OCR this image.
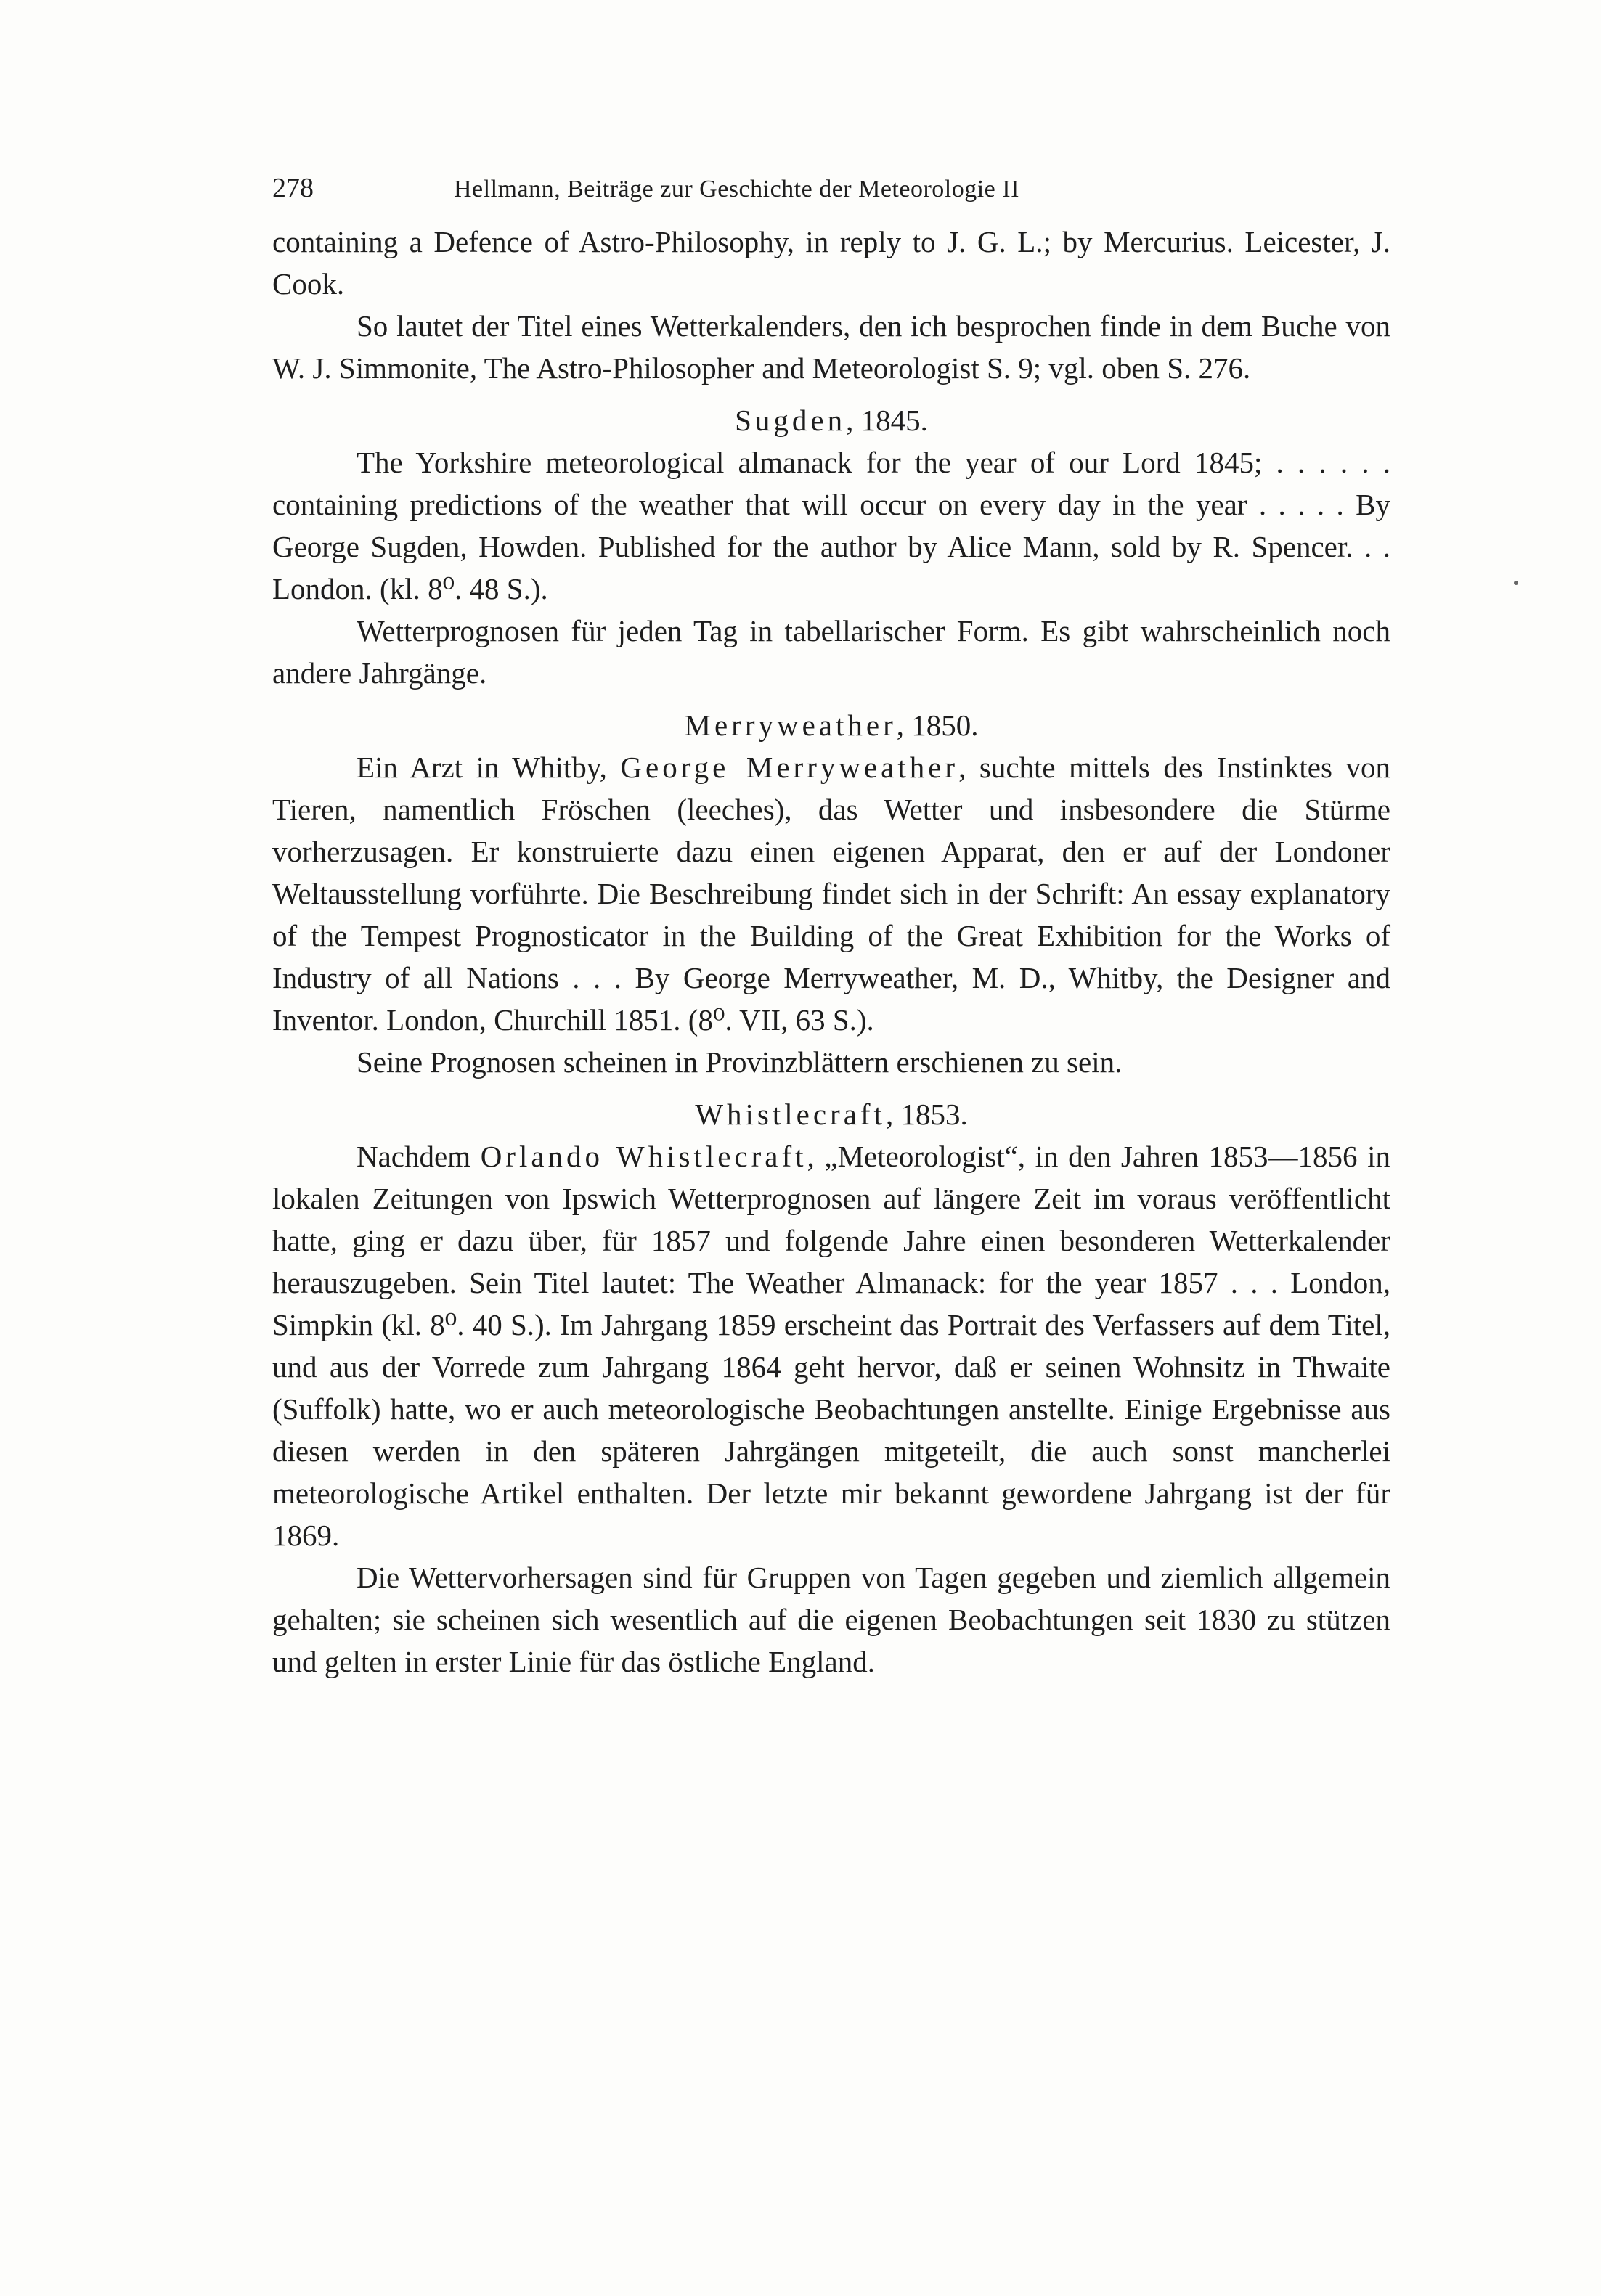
278	Hellmann, Beiträge zur Geschichte der Meteorologie II

containing a Defence of Astro-Philosophy, in reply to J. G. L.; by Mercurius. Leicester, J. Cook.

So lautet der Titel eines Wetterkalenders, den ich besprochen finde in dem Buche von W. J. Simmonite, The Astro-Philosopher and Meteorologist S. 9; vgl. oben S. 276.

Sugden, 1845.

The Yorkshire meteorological almanack for the year of our Lord 1845; . . . . . . containing predictions of the weather that will occur on every day in the year . . . . . By George Sugden, Howden. Published for the author by Alice Mann, sold by R. Spencer. . . London. (kl. 8⁰. 48 S.).

Wetterprognosen für jeden Tag in tabellarischer Form. Es gibt wahrscheinlich noch andere Jahrgänge.

Merryweather, 1850.

Ein Arzt in Whitby, George Merryweather, suchte mittels des Instinktes von Tieren, namentlich Fröschen (leeches), das Wetter und insbesondere die Stürme vorherzusagen. Er konstruierte dazu einen eigenen Apparat, den er auf der Londoner Weltausstellung vorführte. Die Beschreibung findet sich in der Schrift: An essay explanatory of the Tempest Prognosticator in the Building of the Great Exhibition for the Works of Industry of all Nations . . . By George Merryweather, M. D., Whitby, the Designer and Inventor. London, Churchill 1851. (8⁰. VII, 63 S.).

Seine Prognosen scheinen in Provinzblättern erschienen zu sein.

Whistlecraft, 1853.

Nachdem Orlando Whistlecraft, „Meteorologist“, in den Jahren 1853—1856 in lokalen Zeitungen von Ipswich Wetterprognosen auf längere Zeit im voraus veröffentlicht hatte, ging er dazu über, für 1857 und folgende Jahre einen besonderen Wetterkalender herauszugeben. Sein Titel lautet: The Weather Almanack: for the year 1857 . . . London, Simpkin (kl. 8⁰. 40 S.). Im Jahrgang 1859 erscheint das Portrait des Verfassers auf dem Titel, und aus der Vorrede zum Jahrgang 1864 geht hervor, daß er seinen Wohnsitz in Thwaite (Suffolk) hatte, wo er auch meteorologische Beobachtungen anstellte. Einige Ergebnisse aus diesen werden in den späteren Jahrgängen mitgeteilt, die auch sonst mancherlei meteorologische Artikel enthalten. Der letzte mir bekannt gewordene Jahrgang ist der für 1869.

Die Wettervorhersagen sind für Gruppen von Tagen gegeben und ziemlich allgemein gehalten; sie scheinen sich wesentlich auf die eigenen Beobachtungen seit 1830 zu stützen und gelten in erster Linie für das östliche England.
